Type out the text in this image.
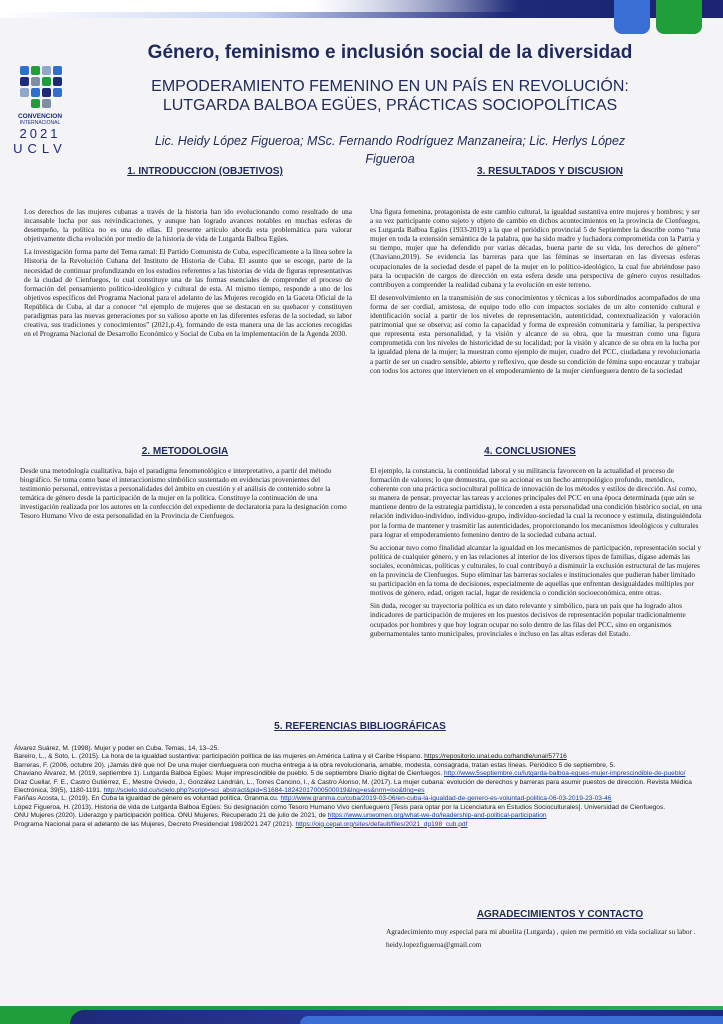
CONVENCION
INTERNACIONAL
2021
UCLV
Género, feminismo e inclusión social de la diversidad
EMPODERAMIENTO FEMENINO EN UN PAÍS EN REVOLUCIÓN:
LUTGARDA BALBOA EGÜES, PRÁCTICAS SOCIOPOLÍTICAS
Lic. Heidy López Figueroa; MSc. Fernando Rodríguez Manzaneira; Lic. Herlys López
Figueroa
1. INTRODUCCION (OBJETIVOS)

Los derechos de las mujeres cubanas a través de la historia han ido evolucionando como resultado de una incansable lucha por sus reivindicaciones, y aunque han logrado avances notables en muchas esferas de desempeño, la política no es una de ellas. El presente artículo aborda esta problemática para valorar objetivamente dicha evolución por medio de la historia de vida de Lutgarda Balboa Egües.

La investigación forma parte del Tema ramal: El Partido Comunista de Cuba, específicamente a la línea sobre la Historia de la Revolución Cubana del Instituto de Historia de Cuba. El asunto que se escoge, parte de la necesidad de continuar profundizando en los estudios referentes a las historias de vida de figuras representativas de la ciudad de Cienfuegos, lo cual constituye una de las formas esenciales de comprender el proceso de formación del pensamiento político-ideológico y cultural de esta. Al mismo tiempo, responde a uno de los objetivos específicos del Programa Nacional para el adelanto de las Mujeres recogido en la Gaceta Oficial de la República de Cuba, al dar a conocer “el ejemplo de mujeres que se destacan en su quehacer y constituyen paradigmas para las nuevas generaciones por su valioso aporte en las diferentes esferas de la sociedad, su labor creativa, sus tradiciones y conocimientos” (2021,p.4), formando de esta manera una de las acciones recogidas en el Programa Nacional de Desarrollo Económico y Social de Cuba en la implementación de la Agenda 2030.

3. RESULTADOS Y DISCUSION

Una figura femenina, protagonista de este cambio cultural, la igualdad sustantiva entre mujeres y hombres; y ser a su vez participante como sujeto y objeto de cambio en dichos acontecimientos en la provincia de Cienfuegos, es Lutgarda Balboa Egües (1933-2019) a la que el periódico provincial 5 de Septiembre la describe como “una mujer en toda la extensión semántica de la palabra, que ha sido madre y luchadora comprometida con la Patria y su tiempo, mujer que ha defendido por varias décadas, buena parte de su vida, los derechos de género” (Chaviano,2019). Se evidencia las barreras para que las féminas se insertaran en las diversas esferas ocupacionales de la sociedad desde el papel de la mujer en lo político-ideológico, la cual fue abriéndose paso para la ocupación de cargos de dirección en esta esfera desde una perspectiva de género cuyos resultados contribuyen a comprender la realidad cubana y la evolución en este terreno.

El desenvolvimiento en la transmisión de sus conocimientos y técnicas a los subordinados acompañados de una forma de ser cordial, amistosa, de equipo todo ello con impactos sociales de un alto contenido cultural e identificación social a partir de los niveles de representación, autenticidad, contextualización y valoración patrimonial que se observa; así como la capacidad y forma de expresión comunitaria y familiar, la perspectiva que representa esta personalidad, y la visión y alcance de su obra, que la muestran como una figura comprometida con los niveles de historicidad de su localidad; por la visión y alcance de su obra en la lucha por la igualdad plena de la mujer; la muestran como ejemplo de mujer, cuadro del PCC, ciudadana y revolucionaria a partir de ser un cuadro sensible, abierto y reflexivo, que desde su condición de fémina supo encauzar y trabajar con todos los actores que intervienen en el empoderamiento de la mujer cienfueguera dentro de la sociedad

2. METODOLOGIA

Desde una metodología cualitativa, bajo el paradigma fenomenológico e interpretativo, a partir del método biográfico. Se toma como base el interaccionismo simbólico sustentado en evidencias provenientes del testimonio personal, entrevistas a personalidades del ámbito en cuestión y el análisis de contenido sobre la temática de género desde la participación de la mujer en la política. Constituye la continuación de una investigación realizada por los autores en la confección del expediente de declaratoria para la designación como Tesoro Humano Vivo de esta personalidad en la Provincia de Cienfuegos.

4. CONCLUSIONES

El ejemplo, la constancia, la continuidad laboral y su militancia favorecen en la actualidad el proceso de formación de valores; lo que demuestra, que su accionar es un hecho antropológico profundo, metódico, coherente con una práctica sociocultural política de innovación de los métodos y estilos de dirección. Así como, su manera de pensar, proyectar las tareas y acciones principales del PCC en una época determinada (que aún se mantiene dentro de la estrategia partidista), le conceden a esta personalidad una condición histórico social, en una relación individuo-individuo, individuo-grupo, individuo-sociedad la cual la reconoce y estimula, distinguiéndola por la forma de mantener y trasmitir las autenticidades, proporcionando los mecanismos ideológicos y culturales para lograr el empoderamiento femenino dentro de la sociedad cubana actual.

Su accionar tuvo como finalidad alcanzar la igualdad en los mecanismos de participación, representación social y política de cualquier género, y en las relaciones al interior de los diversos tipos de familias, dígase además las sociales, económicas, políticas y culturales, lo cual contribuyó a disminuir la exclusión estructural de las mujeres en la provincia de Cienfuegos. Supo eliminar las barreras sociales e institucionales que pudieran haber limitado su participación en la toma de decisiones, especialmente de aquellas que enfrentan desigualdades múltiples por motivos de género, edad, origen racial, lugar de residencia o condición socioeconómica, entre otras.

Sin duda, recoger su trayectoria política es un dato relevante y simbólico, para un país que ha logrado altos indicadores de participación de mujeres en los puestos decisivos de representación popular tradicionalmente ocupados por hombres y que hoy logran ocupar no solo dentro de las filas del PCC, sino en organismos gubernamentales tanto municipales, provinciales e incluso en las altas esferas del Estado.

5. REFERENCIAS BIBLIOGRÁFICAS

Álvarez Suárez, M. (1998). Mujer y poder en Cuba. Temas, 14, 13–25.

Bareiro, L., & Soto, L. (2015). La hora de la igualdad sustantiva: participación política de las mujeres en América Latina y el Caribe Hispano. https://repositorio.unal.edu.co/handle/unal/57716

Barreras, F. (2006, octubre 20). ¡Jamás diré que no! De una mujer cienfueguera con mucha entrega a la obra revolucionaria, amable, modesta, consagrada, tratan estas líneas. Periódico 5 de septiembre, 5.

Chaviano Álvarez, M. (2019, septiembre 1). Lutgarda Balboa Egües: Mujer imprescindible de pueblo. 5 de septiembre Diario digital de Cienfuegos. http://www.5septiembre.cu/lutgarda-balboa-egues-mujer-imprescindible-de-pueblo/

Díaz Cuellar, F. E., Castro Gutiérrez, E., Mestre Oviedo, J., González Landrián, L., Torres Cancino, I., & Castro Alonso, M. (2017). La mujer cubana: evolución de derechos y barreras para asumir puestos de dirección. Revista Médica Electrónica, 39(5), 1180-1191. http://scielo.sld.cu/scielo.php?script=sci_abstract&pid=S1684-18242017000500019&lng=es&nrm=iso&tlng=es

Fariñas Acosta, L. (2019). En Cuba la igualdad de género es voluntad política. Granma.cu. http://www.granma.cu/cuba/2019-03-06/en-cuba-la-igualdad-de-genero-es-voluntad-politica-06-03-2019-23-03-46

López Figueroa, H. (2013). Historia de vida de Lutgarda Balboa Egües: Su designación como Tesoro Humano Vivo cienfueguero [Tesis para optar por la Licenciatura en Estudios Socioculturales]. Universidad de Cienfuegos.

ONU Mujeres (2020). Liderazgo y participación política. ONU Mujeres. Recuperado 21 de julio de 2021, de https://www.unwomen.org/what-we-do/leadership-and-political-participation

Programa Nacional para el adelanto de las Mujeres, Decreto Presidencial 198/2021 247 (2021). https://oig.cepal.org/sites/default/files/2021_dp198_cub.pdf

AGRADECIMIENTOS Y CONTACTO

Agradecimiento muy especial para mi abuelita (Lutgarda) , quien me permitió en vida socializar su labor .

heidy.lopezfigueroa@gmail.com
